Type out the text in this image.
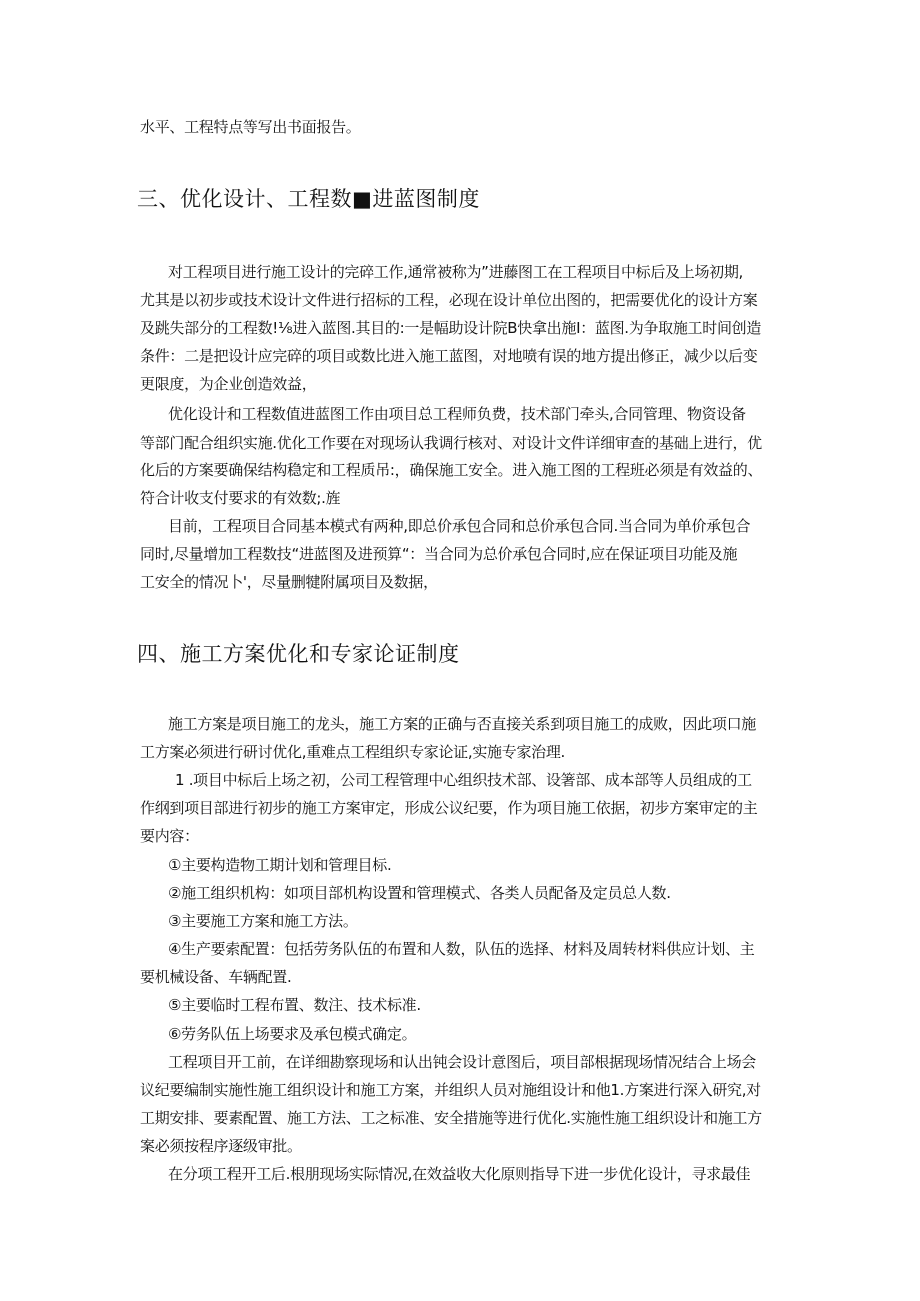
水平、工程特点等写出书面报告。
三、优化设计、工程数■进蓝图制度
对工程项目进行施工设计的完碎工作,通常被称为”进藤图工在工程项目中标后及上场初期,
尤其是以初步或技术设计文件进行招标的工程，必现在设计单位出图的，把需要优化的设计方案
及跳失部分的工程数!⅛进入蓝图.其目的:一是幅助设计院B快拿出施I：蓝图.为争取施工时间创造
条件：二是把设计应完碎的项目或数比进入施工蓝图，对地喷有误的地方提出修正，减少以后变
更限度，为企业创造效益，
优化设计和工程数值进蓝图工作由项目总工程师负费，技术部门牵头,合同管理、物资设备
等部门配合组织实施.优化工作要在对现场认我调行核对、对设计文件详细审查的基础上进行，优
化后的方案要确保结构稳定和工程质吊:，确保施工安全。进入施工图的工程班必须是有效益的、
符合计收支付要求的有效数;.旌
目前，工程项目合同基本模式有两种,即总价承包合同和总价承包合同.当合同为单价承包合
同时,尽量增加工程数技“进蓝图及进预算“：当合同为总价承包合同时,应在保证项目功能及施
工安全的情况卜'，尽量删犍附属项目及数据，
四、施工方案优化和专家论证制度
施工方案是项目施工的龙头，施工方案的正确与否直接关系到项目施工的成败，因此项口施
工方案必须进行研讨优化,重难点工程组织专家论证,实施专家治理.
1 .项目中标后上场之初，公司工程管理中心组织技术部、设箸部、成本部等人员组成的工
作纲到项目部进行初步的施工方案审定，形成公议纪要，作为项目施工依据，初步方案审定的主
要内容：
①主要构造物工期计划和管理目标.
②施工组织机构：如项目部机构设置和管理模式、各类人员配备及定员总人数.
③主要施工方案和施工方法。
④生产要索配置：包括劳务队伍的布置和人数，队伍的选择、材料及周转材料供应计划、主
要机械设备、车辆配置.
⑤主要临时工程布置、数注、技术标准.
⑥劳务队伍上场要求及承包模式确定。
工程项目开工前，在详细勘察现场和认出钝会设计意图后，项目部根据现场情况结合上场会
议纪要编制实施性施工组织设计和施工方案，并组织人员对施组设计和他1.方案进行深入研究,对
工期安排、要素配置、施工方法、工之标准、安全措施等进行优化.实施性施工组织设计和施工方
案必须按程序逐级审批。
在分项工程开工后.根朋现场实际情况,在效益收大化原则指导下进一步优化设计，寻求最佳
